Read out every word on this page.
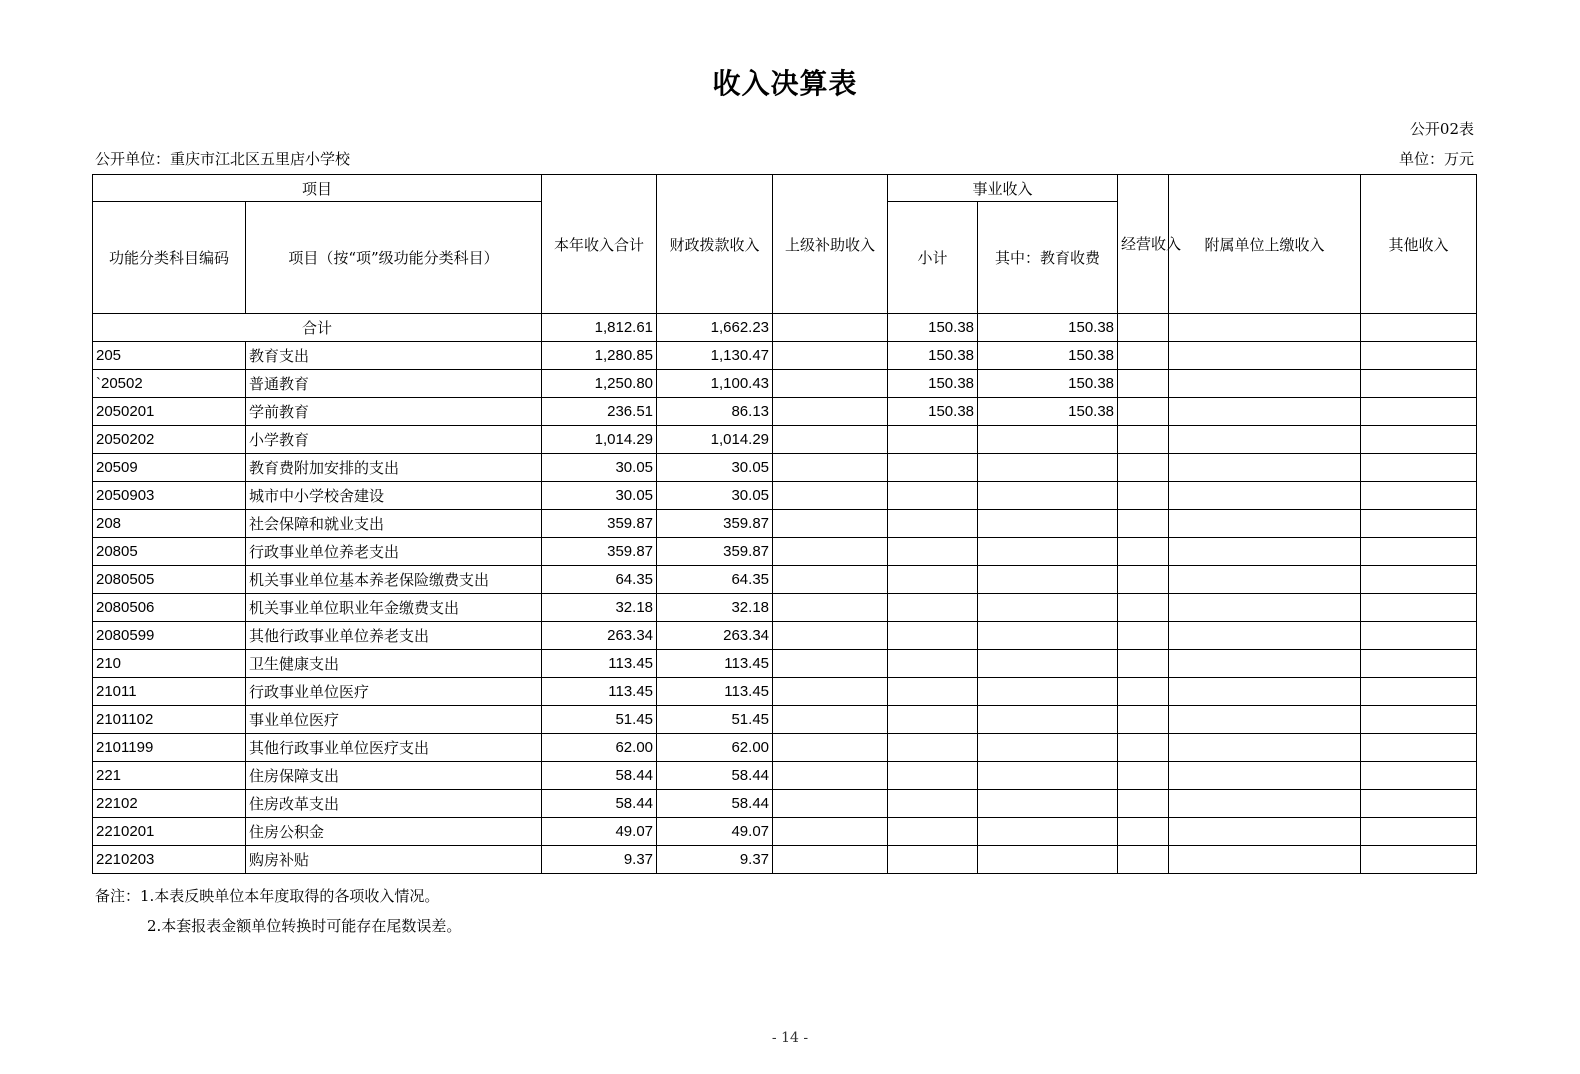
收入决算表
公开02表
公开单位：重庆市江北区五里店小学校	单位：万元
项目		本年收入合计	财政拨款收入	上级补助收入	事业收入		经营收入	附属单位上缴收入	其他收入
功能分类科目编码	项目（按“项”级功能分类科目）				小计	其中：教育收费			
合计		1,812.61	1,662.23		150.38	150.38			
205	教育支出	1,280.85	1,130.47		150.38	150.38			
`20502	普通教育	1,250.80	1,100.43		150.38	150.38			
2050201	学前教育	236.51	86.13		150.38	150.38			
2050202	小学教育	1,014.29	1,014.29						
20509	教育费附加安排的支出	30.05	30.05						
2050903	城市中小学校舍建设	30.05	30.05						
208	社会保障和就业支出	359.87	359.87						
20805	行政事业单位养老支出	359.87	359.87						
2080505	机关事业单位基本养老保险缴费支出	64.35	64.35						
2080506	机关事业单位职业年金缴费支出	32.18	32.18						
2080599	其他行政事业单位养老支出	263.34	263.34						
210	卫生健康支出	113.45	113.45						
21011	行政事业单位医疗	113.45	113.45						
2101102	事业单位医疗	51.45	51.45						
2101199	其他行政事业单位医疗支出	62.00	62.00						
221	住房保障支出	58.44	58.44						
22102	住房改革支出	58.44	58.44						
2210201	住房公积金	49.07	49.07						
2210203	购房补贴	9.37	9.37						
备注：1.本表反映单位本年度取得的各项收入情况。
2.本套报表金额单位转换时可能存在尾数误差。
- 14 -
